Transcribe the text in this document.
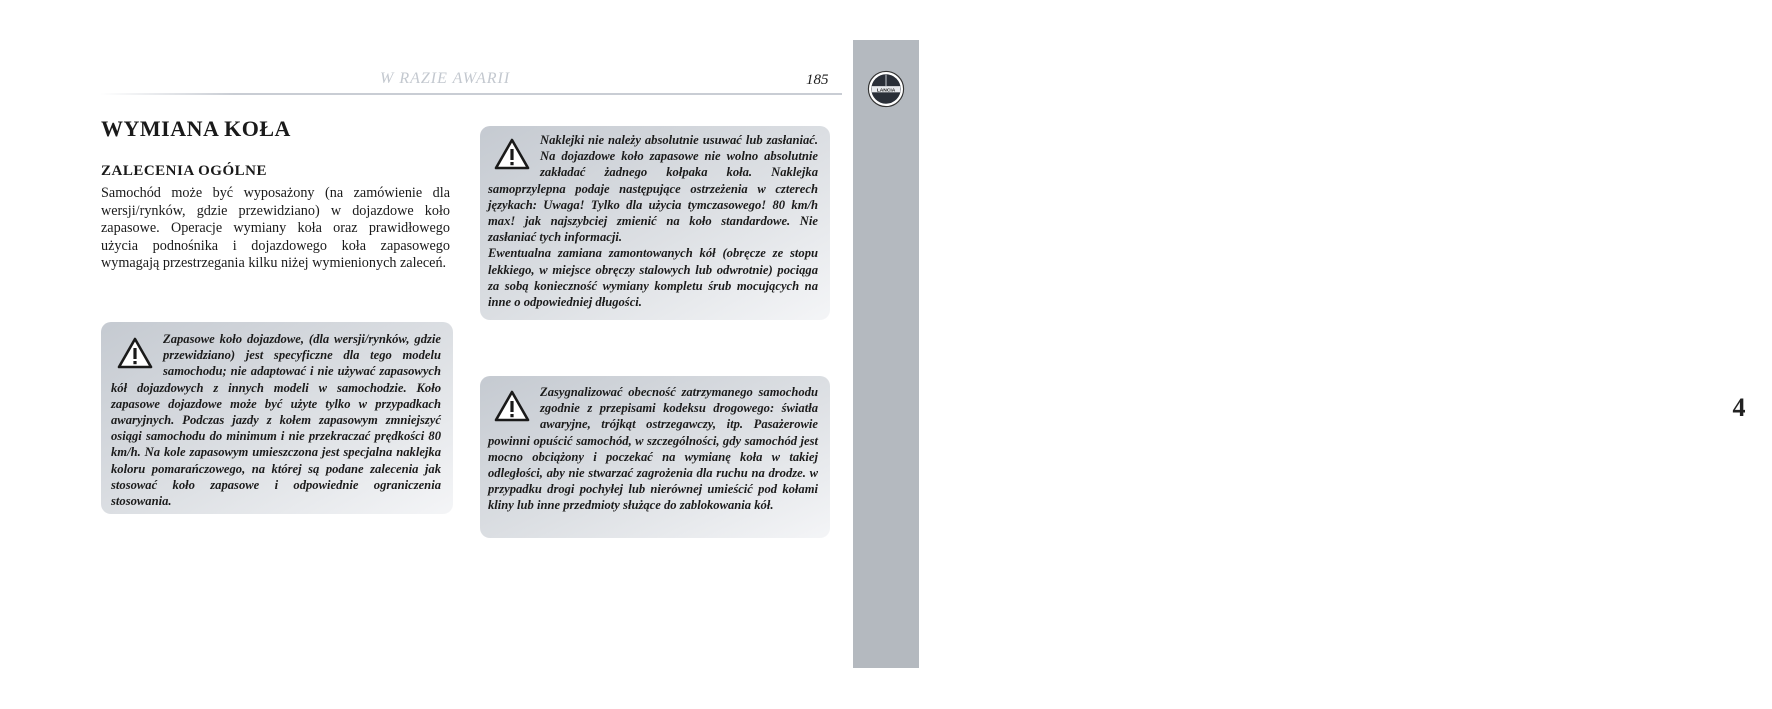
W RAZIE AWARII	185
4
LANCIA
WYMIANA KOŁA
ZALECENIA OGÓLNE

Samochód może być wyposażony (na zamówienie dla wersji/rynków, gdzie przewidziano) w dojazdowe koło zapasowe. Operacje wymiany koła oraz prawidłowego użycia podnośnika i dojazdowego koła zapasowego wymagają przestrzegania kilku niżej wymienionych zaleceń.

Zapasowe koło dojazdowe, (dla wersji/rynków, gdzie przewidziano) jest specyficzne dla tego modelu samochodu; nie adaptować i nie używać zapasowych kół dojazdowych z innych modeli w samochodzie. Koło zapasowe dojazdowe może być użyte tylko w przypadkach awaryjnych. Podczas jazdy z kołem zapasowym zmniejszyć osiągi samochodu do minimum i nie przekraczać prędkości 80 km/h. Na kole zapasowym umieszczona jest specjalna naklejka koloru pomarańczowego, na której są podane zalecenia jak stosować koło zapasowe i odpowiednie ograniczenia stosowania.

Naklejki nie należy absolutnie usuwać lub zasłaniać. Na dojazdowe koło zapasowe nie wolno absolutnie zakładać żadnego kołpaka koła. Naklejka samoprzylepna podaje następujące ostrzeżenia w czterech językach: Uwaga! Tylko dla użycia tymczasowego! 80 km/h max! jak najszybciej zmienić na koło standardowe. Nie zasłaniać tych informacji.
Ewentualna zamiana zamontowanych kół (obręcze ze stopu lekkiego, w miejsce obręczy stalowych lub odwrotnie) pociąga za sobą konieczność wymiany kompletu śrub mocujących na inne o odpowiedniej długości.

Zasygnalizować obecność zatrzymanego samochodu zgodnie z przepisami kodeksu drogowego: światła awaryjne, trójkąt ostrzegawczy, itp. Pasażerowie powinni opuścić samochód, w szczególności, gdy samochód jest mocno obciążony i poczekać na wymianę koła w takiej odległości, aby nie stwarzać zagrożenia dla ruchu na drodze. w przypadku drogi pochyłej lub nierównej umieścić pod kołami kliny lub inne przedmioty służące do zablokowania kół.
